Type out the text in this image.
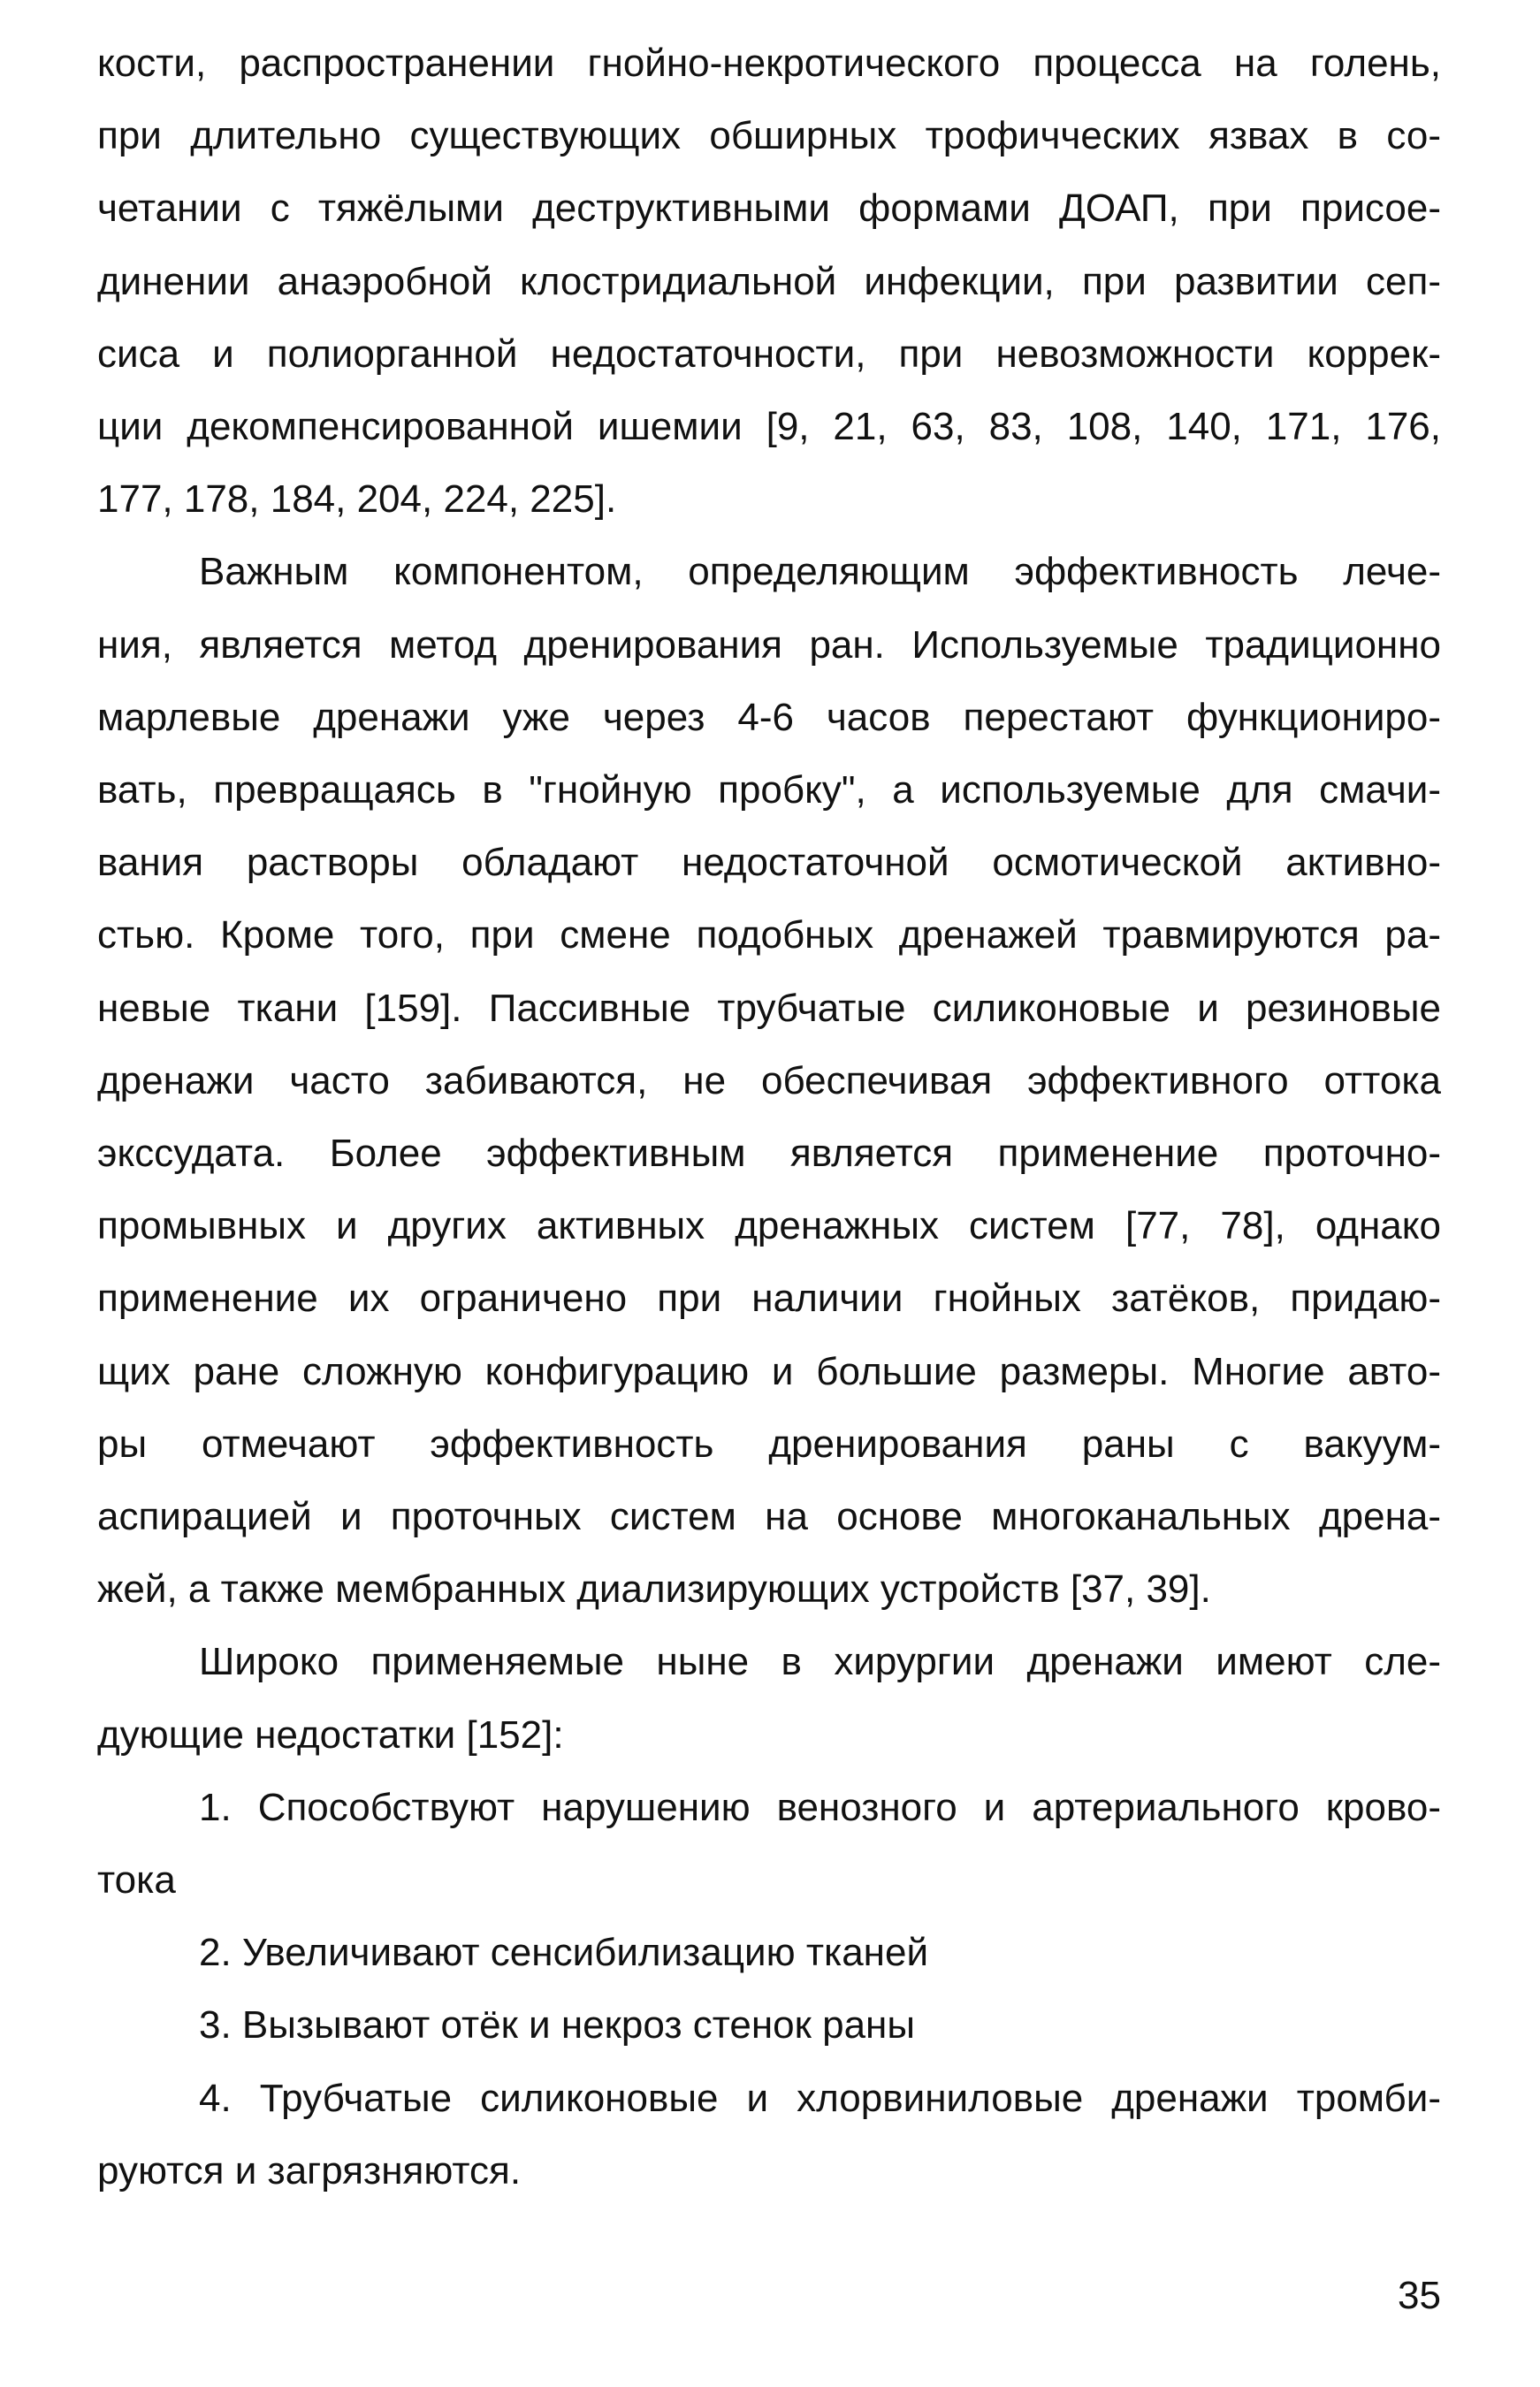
кости, распространении гнойно-некротического процесса на голень,
при длительно существующих обширных трофичческих язвах в со-
четании с тяжёлыми деструктивными формами ДОАП, при присое-
динении анаэробной клостридиальной инфекции, при развитии сеп-
сиса и полиорганной недостаточности, при невозможности коррек-
ции декомпенсированной ишемии [9, 21, 63, 83, 108, 140, 171, 176,
177, 178, 184, 204, 224, 225].
Важным компонентом, определяющим эффективность лече-
ния, является метод дренирования ран. Используемые традиционно
марлевые дренажи уже через 4-6 часов перестают функциониро-
вать, превращаясь в "гнойную пробку", а используемые для смачи-
вания растворы обладают недостаточной осмотической активно-
стью. Кроме того, при смене подобных дренажей травмируются ра-
невые ткани [159]. Пассивные трубчатые силиконовые и резиновые
дренажи часто забиваются, не обеспечивая эффективного оттока
экссудата. Более эффективным является применение проточно-
промывных и других активных дренажных систем [77, 78], однако
применение их ограничено при наличии гнойных затёков, придаю-
щих ране сложную конфигурацию и большие размеры. Многие авто-
ры отмечают эффективность дренирования раны с вакуум-
аспирацией и проточных систем на основе многоканальных дрена-
жей, а также мембранных диализирующих устройств [37, 39].
Широко применяемые ныне в хирургии дренажи имеют сле-
дующие недостатки [152]:
1. Способствуют нарушению венозного и артериального крово-
тока
2. Увеличивают сенсибилизацию тканей
3. Вызывают отёк и некроз стенок раны
4. Трубчатые силиконовые и хлорвиниловые дренажи тромби-
руются и загрязняются.
35
